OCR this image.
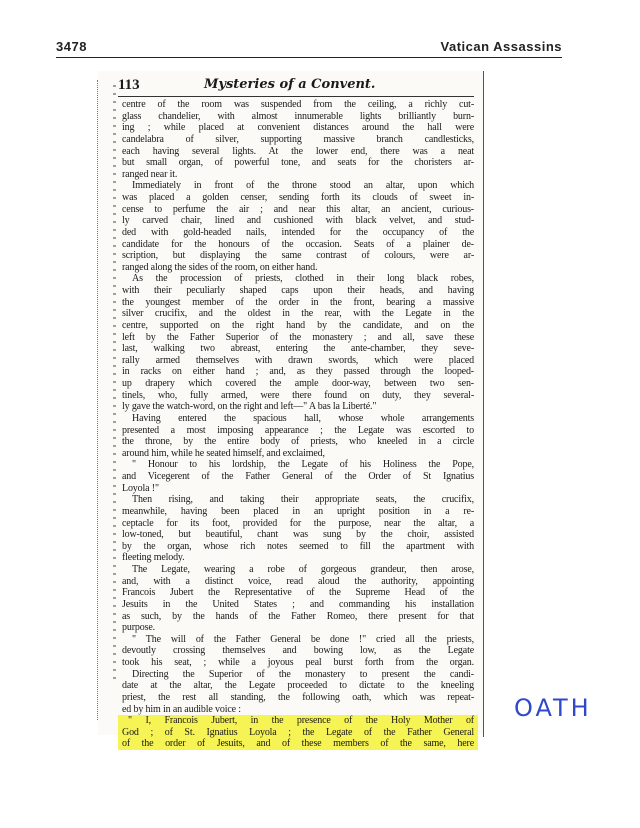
3478	Vatican Assassins
113	Mysteries of a Convent.
centre of the room was suspended from the ceiling, a richly cut-
glass chandelier, with almost innumerable lights brilliantly burn-
ing ; while placed at convenient distances around the hall were
candelabra of silver, supporting massive branch candlesticks,
each having several lights. At the lower end, there was a neat
but small organ, of powerful tone, and seats for the choristers ar-
ranged near it.
Immediately in front of the throne stood an altar, upon which
was placed a golden censer, sending forth its clouds of sweet in-
cense to perfume the air ; and near this altar, an ancient, curious-
ly carved chair, lined and cushioned with black velvet, and stud-
ded with gold-headed nails, intended for the occupancy of the
candidate for the honours of the occasion. Seats of a plainer de-
scription, but displaying the same contrast of colours, were ar-
ranged along the sides of the room, on either hand.
As the procession of priests, clothed in their long black robes,
with their peculiarly shaped caps upon their heads, and having
the youngest member of the order in the front, bearing a massive
silver crucifix, and the oldest in the rear, with the Legate in the
centre, supported on the right hand by the candidate, and on the
left by the Father Superior of the monastery ; and all, save these
last, walking two abreast, entering the ante-chamber, they seve-
rally armed themselves with drawn swords, which were placed
in racks on either hand ; and, as they passed through the looped-
up drapery which covered the ample door-way, between two sen-
tinels, who, fully armed, were there found on duty, they several-
ly gave the watch-word, on the right and left—" A bas la Liberté."
Having entered the spacious hall, whose whole arrangements
presented a most imposing appearance ; the Legate was escorted to
the throne, by the entire body of priests, who kneeled in a circle
around him, while he seated himself, and exclaimed,
" Honour to his lordship, the Legate of his Holiness the Pope,
and Vicegerent of the Father General of the Order of St Ignatius
Loyola !"
Then rising, and taking their appropriate seats, the crucifix,
meanwhile, having been placed in an upright position in a re-
ceptacle for its foot, provided for the purpose, near the altar, a
low-toned, but beautiful, chant was sung by the choir, assisted
by the organ, whose rich notes seemed to fill the apartment with
fleeting melody.
The Legate, wearing a robe of gorgeous grandeur, then arose,
and, with a distinct voice, read aloud the authority, appointing
Francois Jubert the Representative of the Supreme Head of the
Jesuits in the United States ; and commanding his installation
as such, by the hands of the Father Romeo, there present for that
purpose.
" The will of the Father General be done !" cried all the priests,
devoutly crossing themselves and bowing low, as the Legate
took his seat, ; while a joyous peal burst forth from the organ.
Directing the Superior of the monastery to present the candi-
date at the altar, the Legate proceeded to dictate to the kneeling
priest, the rest all standing, the following oath, which was repeat-
ed by him in an audible voice :
" I, Francois Jubert, in the presence of the Holy Mother of
God ; of St. Ignatius Loyola ; the Legate of the Father General
of the order of Jesuits, and of these members of the same, here
OATH
